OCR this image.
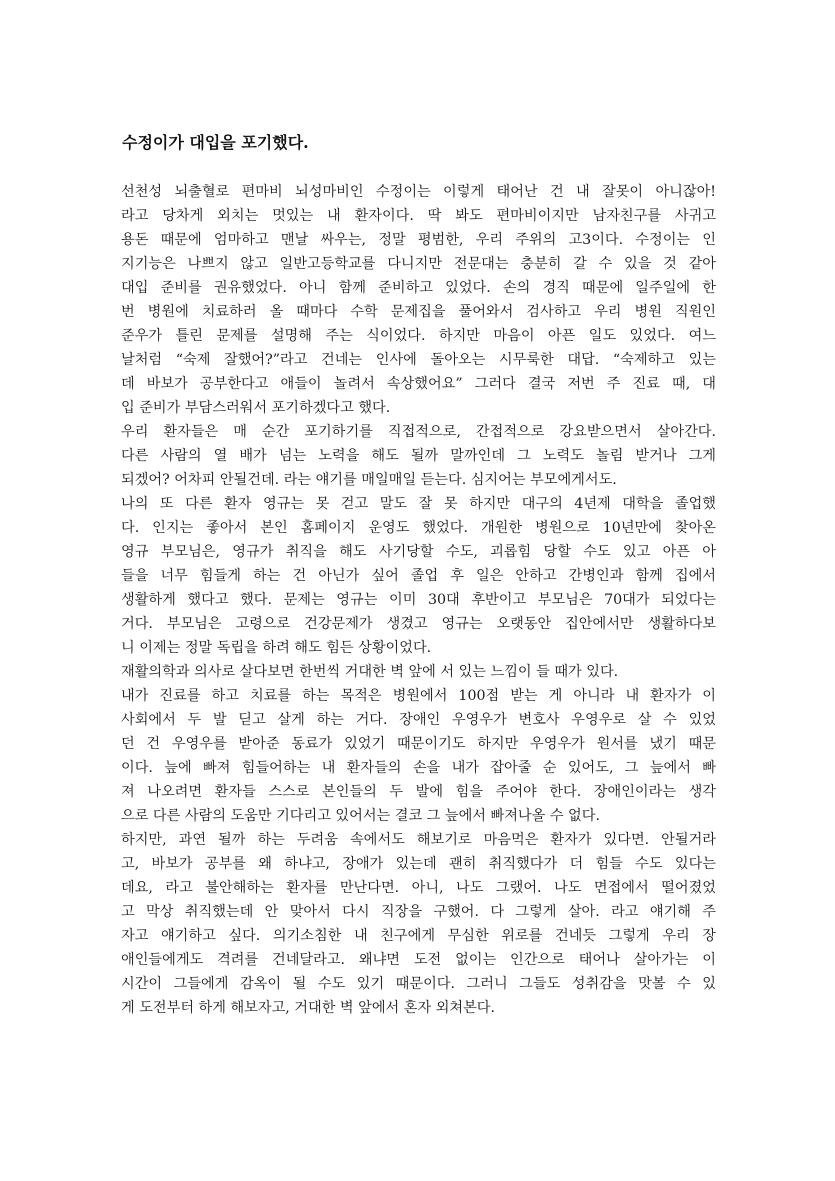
수정이가 대입을 포기했다.

선천성 뇌출혈로 편마비 뇌성마비인 수정이는 이렇게 태어난 건 내 잘못이 아니잖아!
라고 당차게 외치는 멋있는 내 환자이다. 딱 봐도 편마비이지만 남자친구를 사귀고
용돈 때문에 엄마하고 맨날 싸우는, 정말 평범한, 우리 주위의 고3이다. 수정이는 인
지기능은 나쁘지 않고 일반고등학교를 다니지만 전문대는 충분히 갈 수 있을 것 같아
대입 준비를 권유했었다. 아니 함께 준비하고 있었다. 손의 경직 때문에 일주일에 한
번 병원에 치료하러 올 때마다 수학 문제집을 풀어와서 검사하고 우리 병원 직원인
준우가 틀린 문제를 설명해 주는 식이었다. 하지만 마음이 아픈 일도 있었다. 여느
날처럼 “숙제 잘했어?”라고 건네는 인사에 돌아오는 시무룩한 대답. “숙제하고 있는
데 바보가 공부한다고 애들이 놀려서 속상했어요” 그러다 결국 저번 주 진료 때, 대
입 준비가 부담스러워서 포기하겠다고 했다.

우리 환자들은 매 순간 포기하기를 직접적으로, 간접적으로 강요받으면서 살아간다.
다른 사람의 열 배가 넘는 노력을 해도 될까 말까인데 그 노력도 놀림 받거나 그게
되겠어? 어차피 안될건데. 라는 얘기를 매일매일 듣는다. 심지어는 부모에게서도.

나의 또 다른 환자 영규는 못 걷고 말도 잘 못 하지만 대구의 4년제 대학을 졸업했
다. 인지는 좋아서 본인 홈페이지 운영도 했었다. 개원한 병원으로 10년만에 찾아온
영규 부모님은, 영규가 취직을 해도 사기당할 수도, 괴롭힘 당할 수도 있고 아픈 아
들을 너무 힘들게 하는 건 아닌가 싶어 졸업 후 일은 안하고 간병인과 함께 집에서
생활하게 했다고 했다. 문제는 영규는 이미 30대 후반이고 부모님은 70대가 되었다는
거다. 부모님은 고령으로 건강문제가 생겼고 영규는 오랫동안 집안에서만 생활하다보
니 이제는 정말 독립을 하려 해도 힘든 상황이었다.

재활의학과 의사로 살다보면 한번씩 거대한 벽 앞에 서 있는 느낌이 들 때가 있다.

내가 진료를 하고 치료를 하는 목적은 병원에서 100점 받는 게 아니라 내 환자가 이
사회에서 두 발 딛고 살게 하는 거다. 장애인 우영우가 변호사 우영우로 살 수 있었
던 건 우영우를 받아준 동료가 있었기 때문이기도 하지만 우영우가 원서를 냈기 때문
이다. 늪에 빠져 힘들어하는 내 환자들의 손을 내가 잡아줄 순 있어도, 그 늪에서 빠
져 나오려면 환자들 스스로 본인들의 두 발에 힘을 주어야 한다. 장애인이라는 생각
으로 다른 사람의 도움만 기다리고 있어서는 결코 그 늪에서 빠져나올 수 없다.

하지만, 과연 될까 하는 두려움 속에서도 해보기로 마음먹은 환자가 있다면. 안될거라
고, 바보가 공부를 왜 하냐고, 장애가 있는데 괜히 취직했다가 더 힘들 수도 있다는
데요, 라고 불안해하는 환자를 만난다면. 아니, 나도 그랬어. 나도 면접에서 떨어졌었
고 막상 취직했는데 안 맞아서 다시 직장을 구했어. 다 그렇게 살아. 라고 얘기해 주
자고 얘기하고 싶다. 의기소침한 내 친구에게 무심한 위로를 건네듯 그렇게 우리 장
애인들에게도 격려를 건네달라고. 왜냐면 도전 없이는 인간으로 태어나 살아가는 이
시간이 그들에게 감옥이 될 수도 있기 때문이다. 그러니 그들도 성취감을 맛볼 수 있
게 도전부터 하게 해보자고, 거대한 벽 앞에서 혼자 외쳐본다.
